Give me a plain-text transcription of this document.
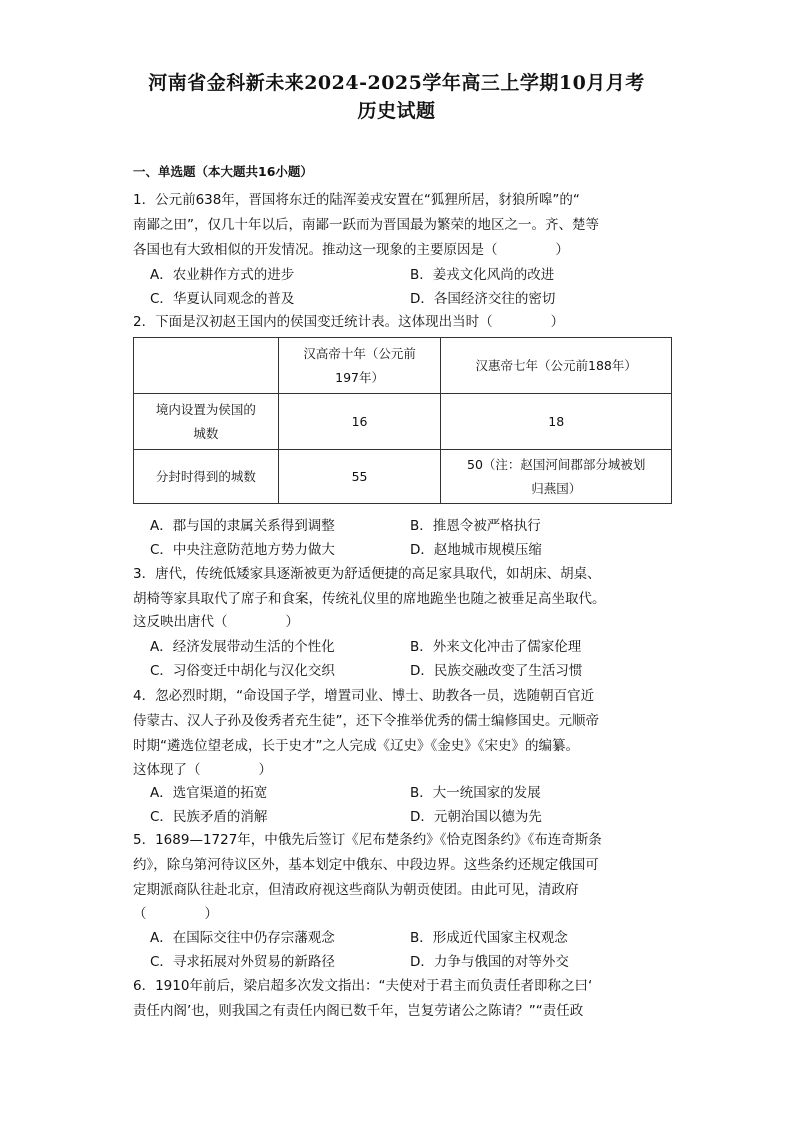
河南省金科新未来2024-2025学年高三上学期10月月考
历史试题
一、单选题（本大题共16小题）
1．公元前638年，晋国将东迁的陆浑姜戎安置在“狐狸所居，豺狼所嗥”的“
南鄙之田”，仅几十年以后，南鄙一跃而为晋国最为繁荣的地区之一。齐、楚等
各国也有大致相似的开发情况。推动这一现象的主要原因是（	）
A．农业耕作方式的进步	B．姜戎文化风尚的改进
C．华夏认同观念的普及	D．各国经济交往的密切
2．下面是汉初赵王国内的侯国变迁统计表。这体现出当时（	）
	汉高帝十年（公元前
197年）	汉惠帝七年（公元前188年）
境内设置为侯国的
城数	16	18
分封时得到的城数	55	50（注：赵国河间郡部分城被划
归燕国）
A．郡与国的隶属关系得到调整	B．推恩令被严格执行
C．中央注意防范地方势力做大	D．赵地城市规模压缩
3．唐代，传统低矮家具逐渐被更为舒适便捷的高足家具取代，如胡床、胡桌、
胡椅等家具取代了席子和食案，传统礼仪里的席地跪坐也随之被垂足高坐取代。
这反映出唐代（	）
A．经济发展带动生活的个性化	B．外来文化冲击了儒家伦理
C．习俗变迁中胡化与汉化交织	D．民族交融改变了生活习惯
4．忽必烈时期，“命设国子学，增置司业、博士、助教各一员，选随朝百官近
侍蒙古、汉人子孙及俊秀者充生徒”，还下令推举优秀的儒士编修国史。元顺帝
时期“遴选位望老成，长于史才”之人完成《辽史》《金史》《宋史》的编纂。
这体现了（	）
A．选官渠道的拓宽	B．大一统国家的发展
C．民族矛盾的消解	D．元朝治国以德为先
5．1689—1727年，中俄先后签订《尼布楚条约》《恰克图条约》《布连奇斯条
约》，除乌第河待议区外，基本划定中俄东、中段边界。这些条约还规定俄国可
定期派商队往赴北京，但清政府视这些商队为朝贡使团。由此可见，清政府
（	）
A．在国际交往中仍存宗藩观念	B．形成近代国家主权观念
C．寻求拓展对外贸易的新路径	D．力争与俄国的对等外交
6．1910年前后，梁启超多次发文指出：“夫使对于君主而负责任者即称之曰‘
责任内阁’也，则我国之有责任内阁已数千年，岂复劳诸公之陈请？”“责任政
